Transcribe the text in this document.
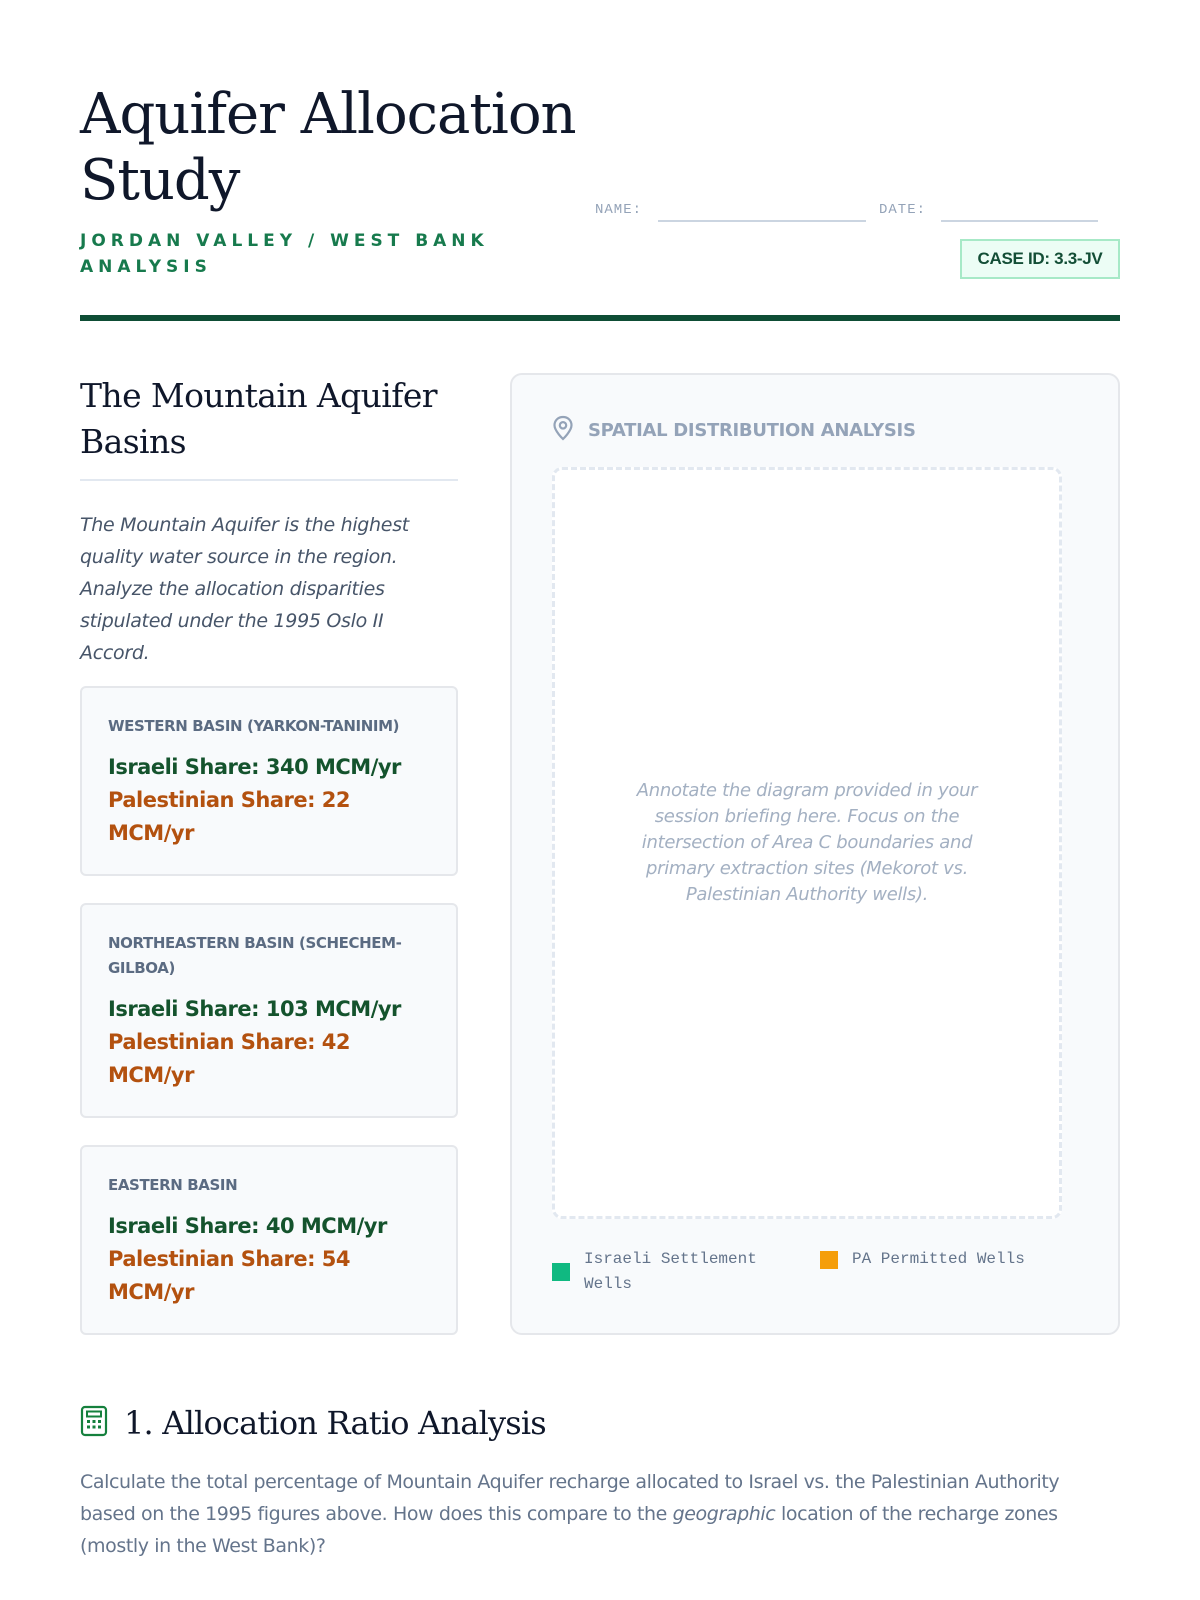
Aquifer Allocation Study
JORDAN VALLEY / WEST BANK ANALYSIS
NAME:	DATE:
CASE ID: 3.3-JV
The Mountain Aquifer Basins

The Mountain Aquifer is the highest quality water source in the region. Analyze the allocation disparities stipulated under the 1995 Oslo II Accord.

WESTERN BASIN (YARKON-TANINIM)
Israeli Share: 340 MCM/yr
Palestinian Share: 22 MCM/yr
NORTHEASTERN BASIN (SCHECHEM-GILBOA)
Israeli Share: 103 MCM/yr
Palestinian Share: 42 MCM/yr
EASTERN BASIN
Israeli Share: 40 MCM/yr
Palestinian Share: 54 MCM/yr
SPATIAL DISTRIBUTION ANALYSIS

Annotate the diagram provided in your session briefing here. Focus on the intersection of Area C boundaries and primary extraction sites (Mekorot vs. Palestinian Authority wells).

Israeli Settlement Wells
PA Permitted Wells
1. Allocation Ratio Analysis

Calculate the total percentage of Mountain Aquifer recharge allocated to Israel vs. the Palestinian Authority based on the 1995 figures above. How does this compare to the geographic location of the recharge zones (mostly in the West Bank)?
